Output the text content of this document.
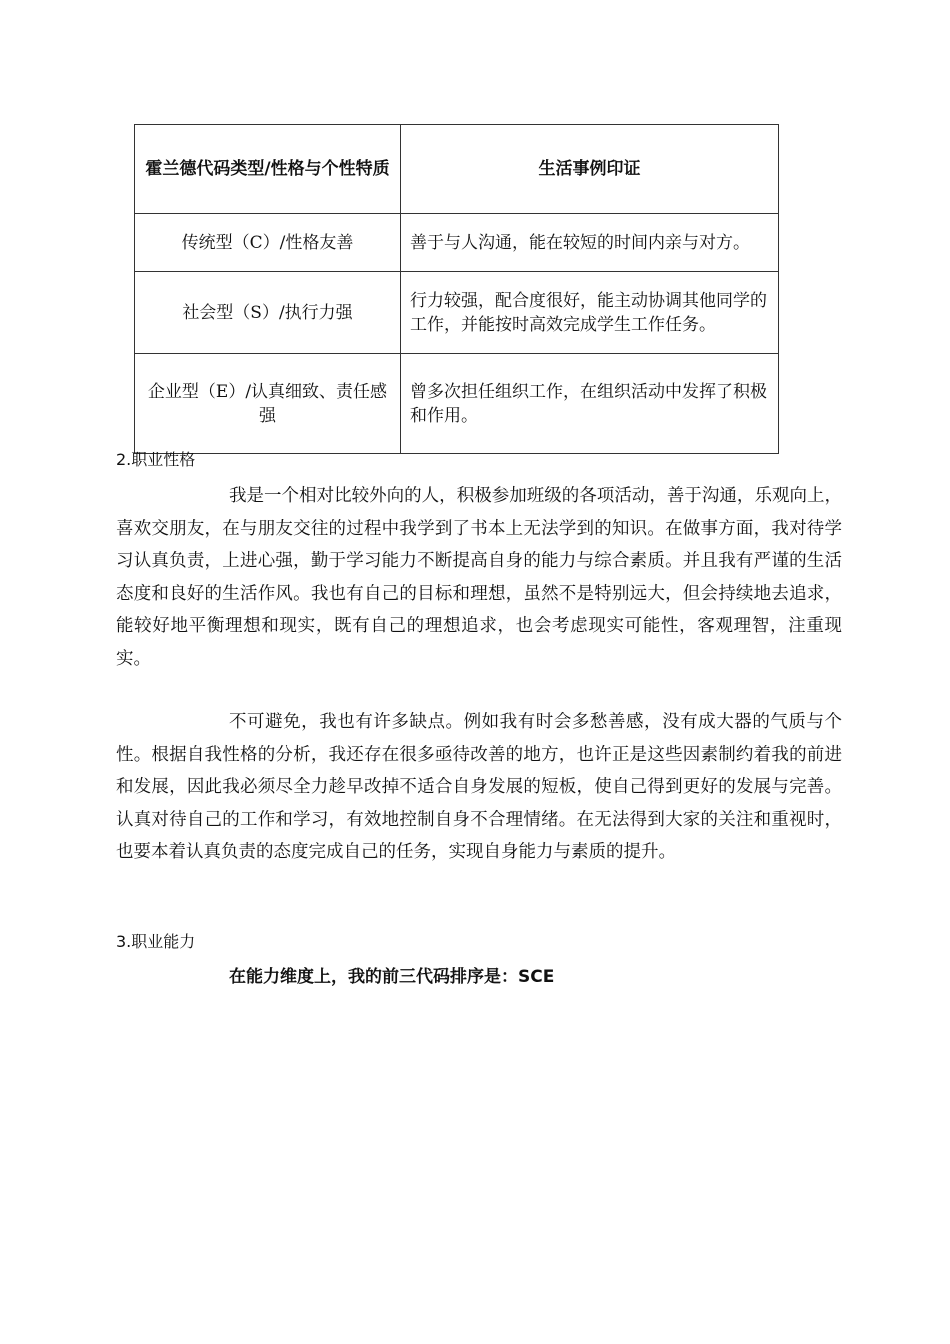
霍兰德代码类型/性格与个性特质	生活事例印证
传统型（C）/性格友善	善于与人沟通，能在较短的时间内亲与对方。
社会型（S）/执行力强	行力较强，配合度很好，能主动协调其他同学的工作，并能按时高效完成学生工作任务。
企业型（E）/认真细致、责任感强	曾多次担任组织工作，在组织活动中发挥了积极和作用。
2.职业性格

我是一个相对比较外向的人，积极参加班级的各项活动，善于沟通，乐观向上，喜欢交朋友，在与朋友交往的过程中我学到了书本上无法学到的知识。在做事方面，我对待学习认真负责，上进心强，勤于学习能力不断提高自身的能力与综合素质。并且我有严谨的生活态度和良好的生活作风。我也有自己的目标和理想，虽然不是特别远大，但会持续地去追求，能较好地平衡理想和现实，既有自己的理想追求，也会考虑现实可能性，客观理智，注重现实。

不可避免，我也有许多缺点。例如我有时会多愁善感，没有成大器的气质与个性。根据自我性格的分析，我还存在很多亟待改善的地方，也许正是这些因素制约着我的前进和发展，因此我必须尽全力趁早改掉不适合自身发展的短板，使自己得到更好的发展与完善。认真对待自己的工作和学习，有效地控制自身不合理情绪。在无法得到大家的关注和重视时，也要本着认真负责的态度完成自己的任务，实现自身能力与素质的提升。

3.职业能力
在能力维度上，我的前三代码排序是：SCE
